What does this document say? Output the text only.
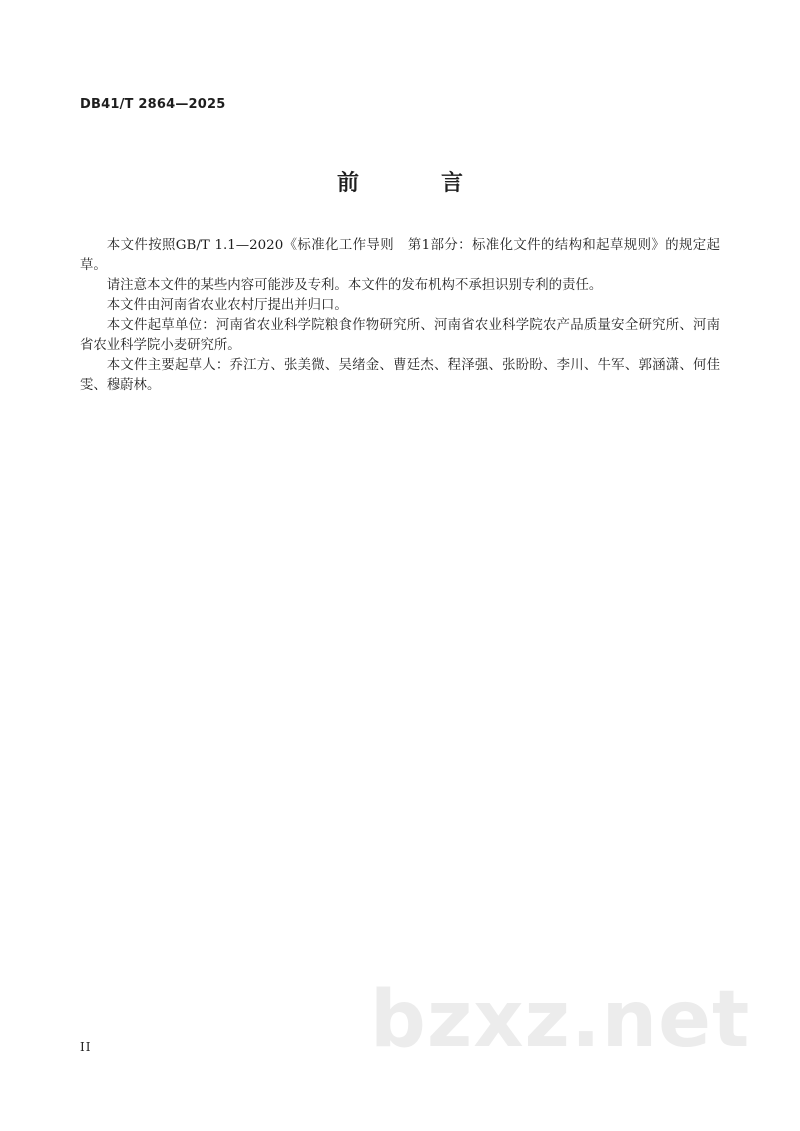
DB41/T 2864—2025
前　言

本文件按照GB/T 1.1—2020《标准化工作导则　第1部分：标准化文件的结构和起草规则》的规定起草。

请注意本文件的某些内容可能涉及专利。本文件的发布机构不承担识别专利的责任。

本文件由河南省农业农村厅提出并归口。

本文件起草单位：河南省农业科学院粮食作物研究所、河南省农业科学院农产品质量安全研究所、河南省农业科学院小麦研究所。

本文件主要起草人：乔江方、张美微、吴绪金、曹廷杰、程泽强、张盼盼、李川、牛军、郭涵潇、何佳雯、穆蔚林。

II	bzxz.net
